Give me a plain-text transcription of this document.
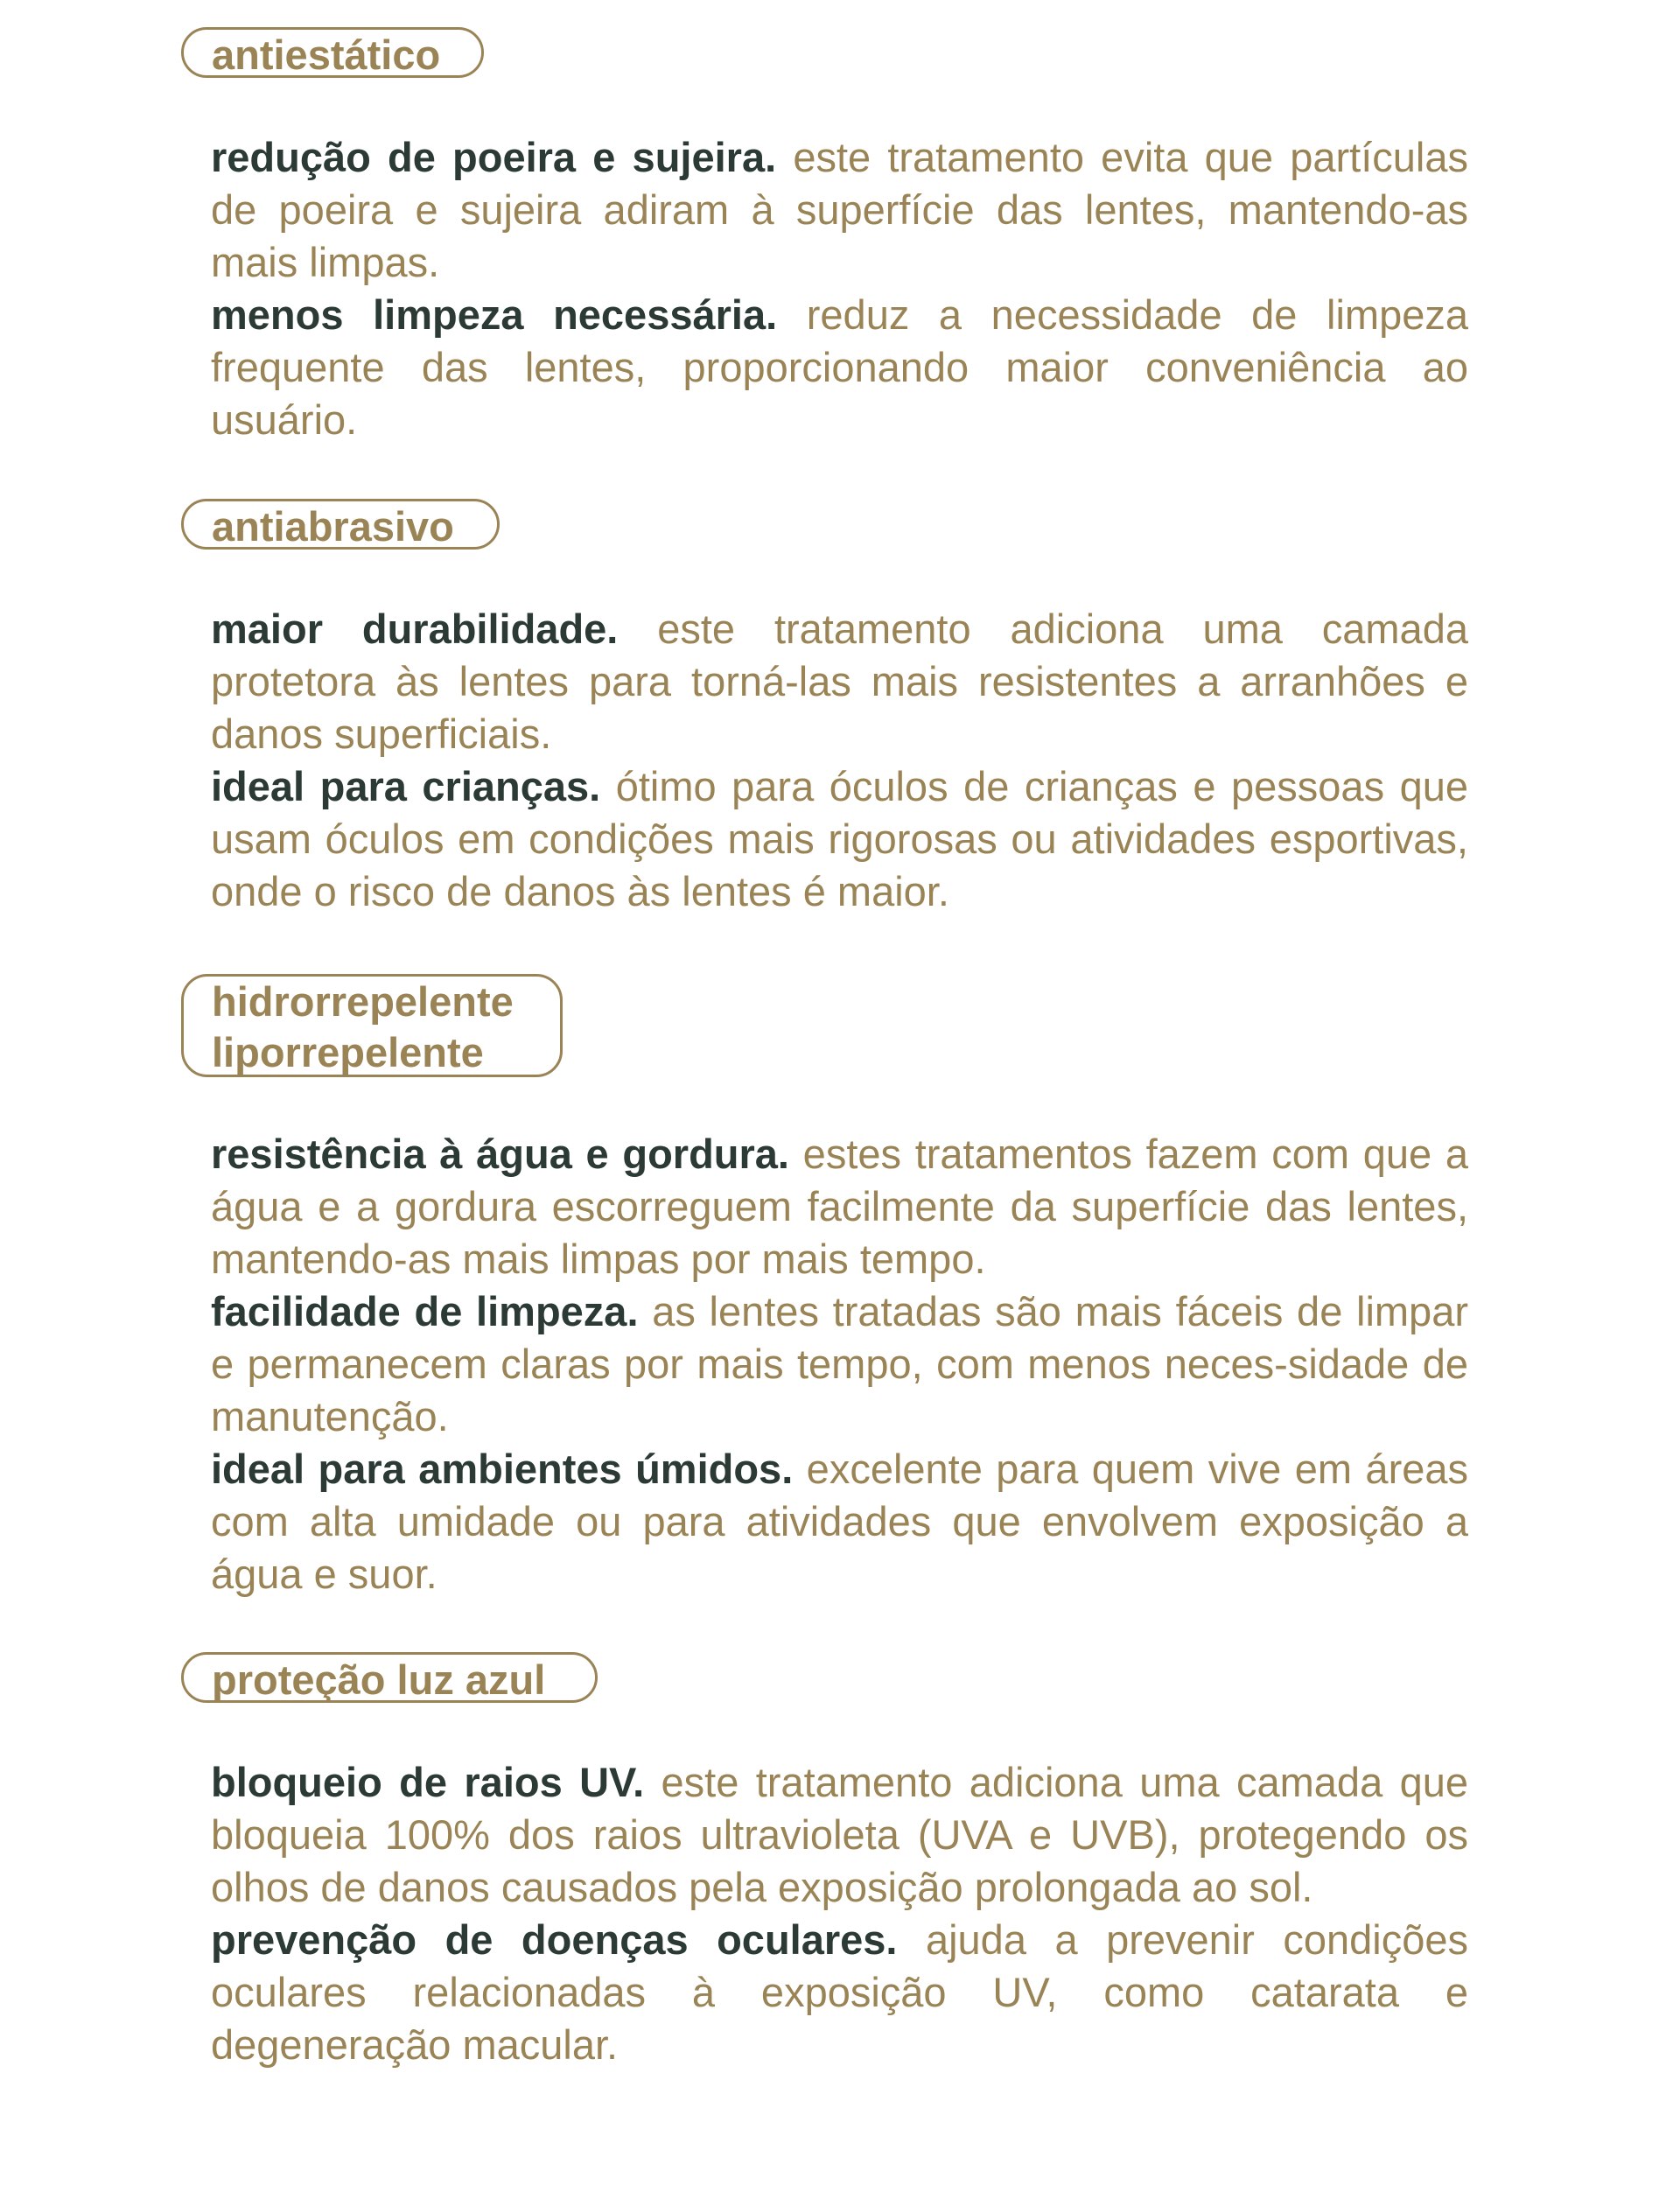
antiestático

redução de poeira e sujeira. este tratamento evita que partículas de poeira e sujeira adiram à superfície das lentes, mantendo-as mais limpas.

menos limpeza necessária. reduz a necessidade de limpeza frequente das lentes, proporcionando maior conveniência ao usuário.

antiabrasivo

maior durabilidade. este tratamento adiciona uma camada protetora às lentes para torná-las mais resistentes a arranhões e danos superficiais.

ideal para crianças. ótimo para óculos de crianças e pessoas que usam óculos em condições mais rigorosas ou atividades esportivas, onde o risco de danos às lentes é maior.

hidrorrepelente
liporrepelente

resistência à água e gordura. estes tratamentos fazem com que a água e a gordura escorreguem facilmente da superfície das lentes, mantendo-as mais limpas por mais tempo.

facilidade de limpeza. as lentes tratadas são mais fáceis de limpar e permanecem claras por mais tempo, com menos neces-sidade de manutenção.

ideal para ambientes úmidos. excelente para quem vive em áreas com alta umidade ou para atividades que envolvem exposição a água e suor.

proteção luz azul

bloqueio de raios UV. este tratamento adiciona uma camada que bloqueia 100% dos raios ultravioleta (UVA e UVB), protegendo os olhos de danos causados pela exposição prolongada ao sol.

prevenção de doenças oculares. ajuda a prevenir condições oculares relacionadas à exposição UV, como catarata e degeneração macular.
